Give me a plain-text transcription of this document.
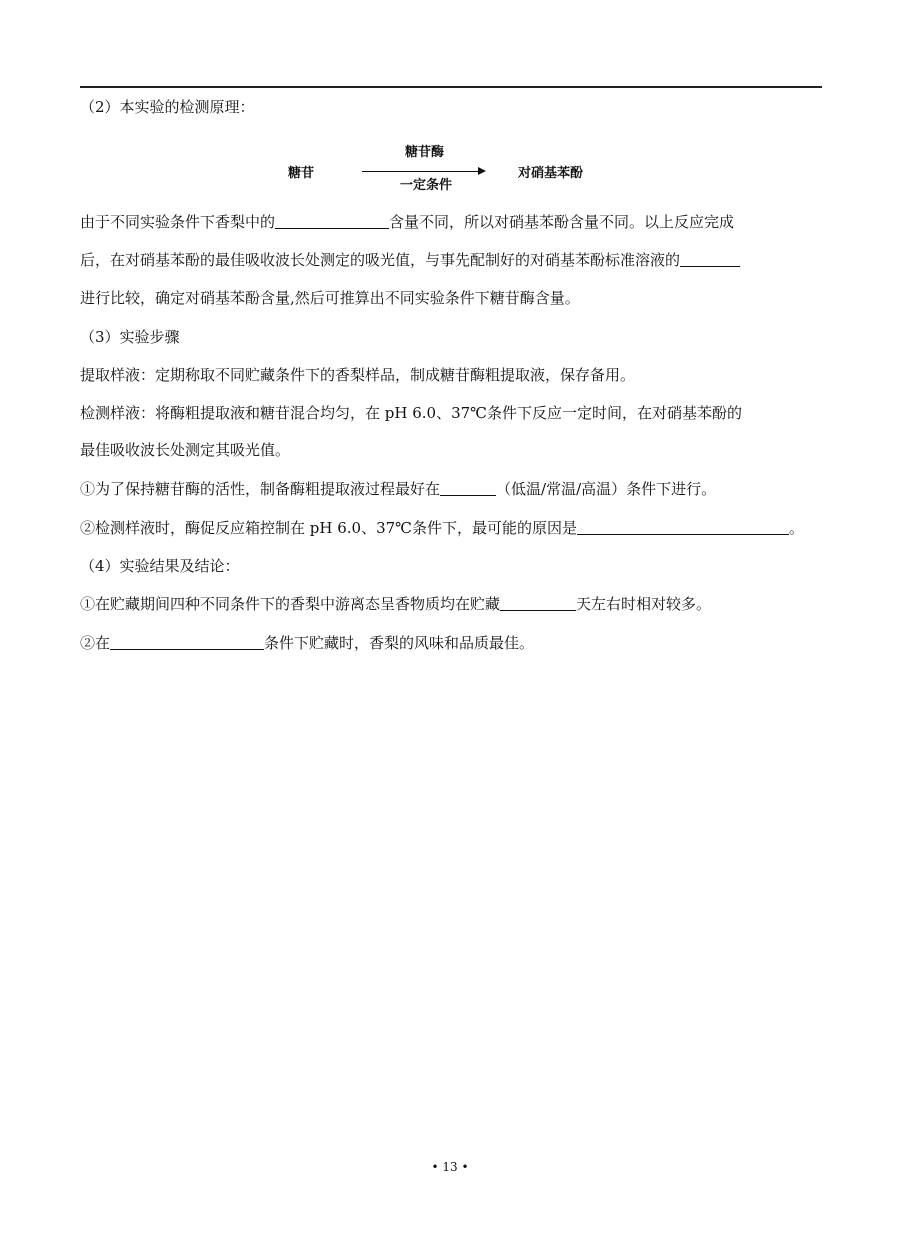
（2）本实验的检测原理：
糖苷酶
糖苷	对硝基苯酚
一定条件
由于不同实验条件下香梨中的	含量不同，所以对硝基苯酚含量不同。以上反应完成
后，在对硝基苯酚的最佳吸收波长处测定的吸光值，与事先配制好的对硝基苯酚标准溶液的
进行比较，确定对硝基苯酚含量,然后可推算出不同实验条件下糖苷酶含量。
（3）实验步骤
提取样液：定期称取不同贮藏条件下的香梨样品，制成糖苷酶粗提取液，保存备用。
检测样液：将酶粗提取液和糖苷混合均匀，在 pH 6.0、37℃条件下反应一定时间，在对硝基苯酚的
最佳吸收波长处测定其吸光值。
①为了保持糖苷酶的活性，制备酶粗提取液过程最好在	（低温/常温/高温）条件下进行。
②检测样液时，酶促反应箱控制在 pH 6.0、37℃条件下，最可能的原因是	。
（4）实验结果及结论：
①在贮藏期间四种不同条件下的香梨中游离态呈香物质均在贮藏	天左右时相对较多。
②在	条件下贮藏时，香梨的风味和品质最佳。
• 13 •
